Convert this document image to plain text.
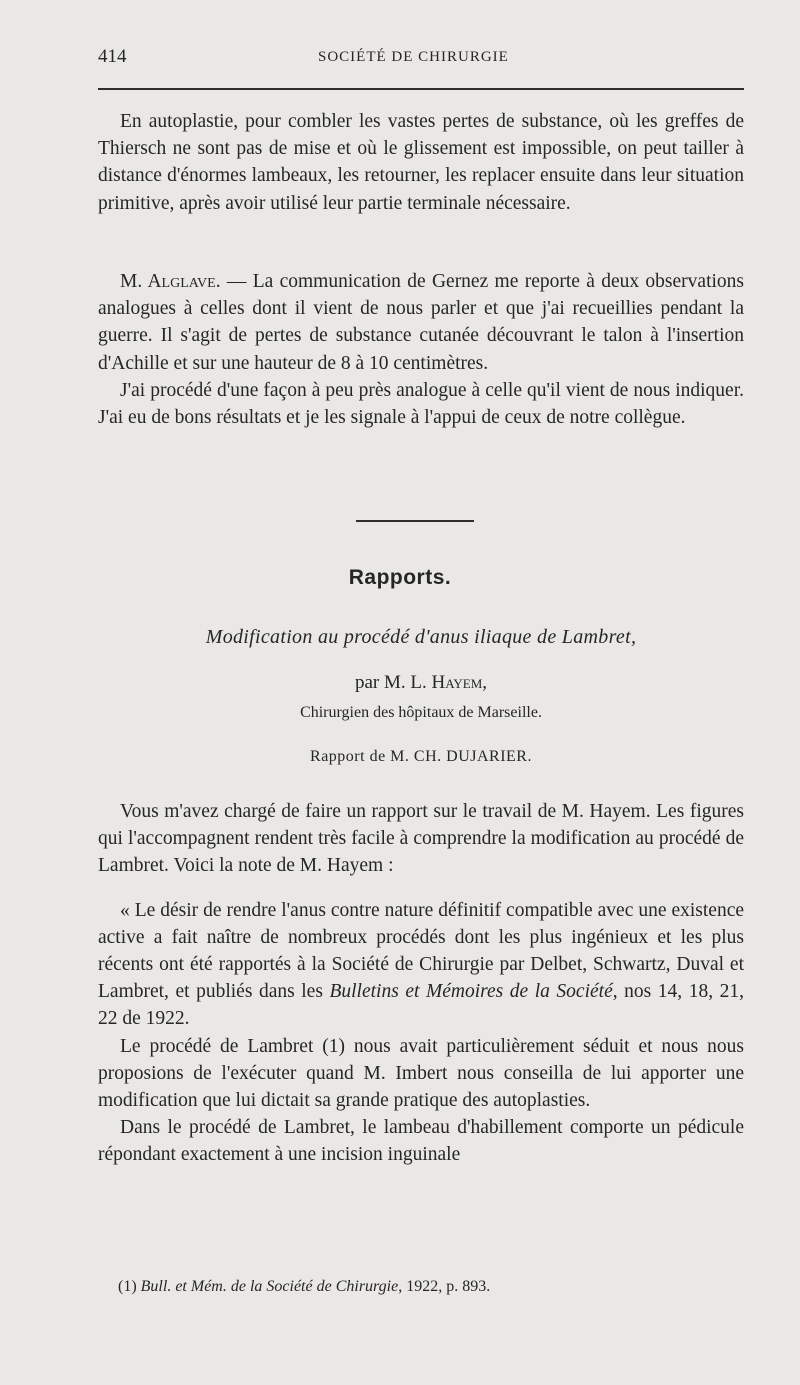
414	SOCIÉTÉ DE CHIRURGIE

En autoplastie, pour combler les vastes pertes de substance, où les greffes de Thiersch ne sont pas de mise et où le glissement est impossible, on peut tailler à distance d'énormes lambeaux, les retourner, les replacer ensuite dans leur situation primitive, après avoir utilisé leur partie terminale nécessaire.

M. Alglave. — La communication de Gernez me reporte à deux observations analogues à celles dont il vient de nous parler et que j'ai recueillies pendant la guerre. Il s'agit de pertes de substance cutanée découvrant le talon à l'insertion d'Achille et sur une hauteur de 8 à 10 centimètres.

J'ai procédé d'une façon à peu près analogue à celle qu'il vient de nous indiquer. J'ai eu de bons résultats et je les signale à l'appui de ceux de notre collègue.

Rapports.
Modification au procédé d'anus iliaque de Lambret,
par M. L. Hayem,
Chirurgien des hôpitaux de Marseille.
Rapport de M. CH. DUJARIER.

Vous m'avez chargé de faire un rapport sur le travail de M. Hayem. Les figures qui l'accompagnent rendent très facile à comprendre la modification au procédé de Lambret. Voici la note de M. Hayem :

« Le désir de rendre l'anus contre nature définitif compatible avec une existence active a fait naître de nombreux procédés dont les plus ingénieux et les plus récents ont été rapportés à la Société de Chirurgie par Delbet, Schwartz, Duval et Lambret, et publiés dans les Bulletins et Mémoires de la Société, nos 14, 18, 21, 22 de 1922.

Le procédé de Lambret (1) nous avait particulièrement séduit et nous nous proposions de l'exécuter quand M. Imbert nous conseilla de lui apporter une modification que lui dictait sa grande pratique des autoplasties.

Dans le procédé de Lambret, le lambeau d'habillement comporte un pédicule répondant exactement à une incision inguinale

(1) Bull. et Mém. de la Société de Chirurgie, 1922, p. 893.
